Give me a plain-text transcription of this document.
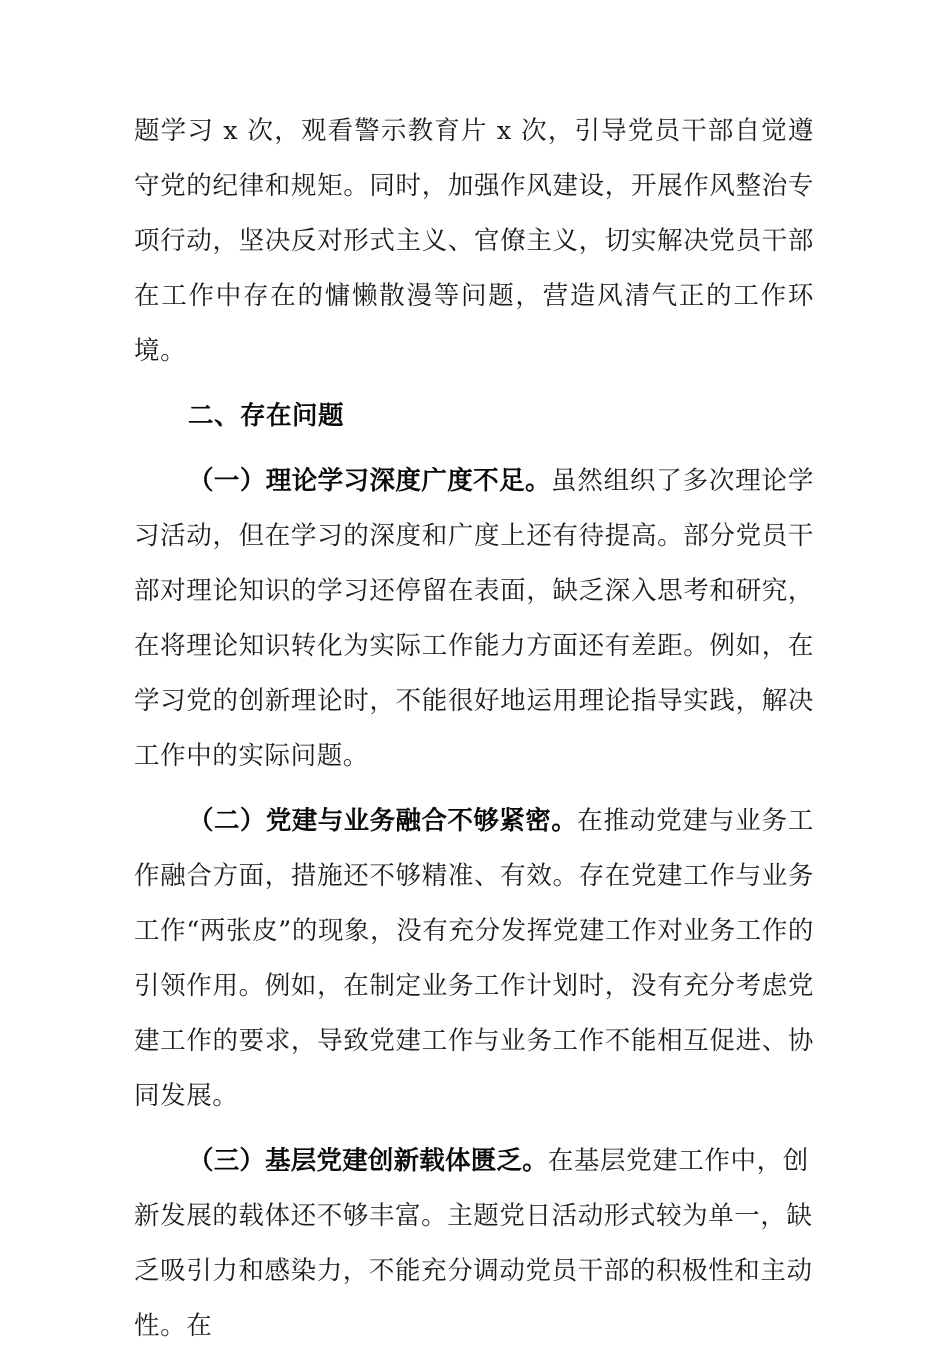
题学习 x 次，观看警示教育片 x 次，引导党员干部自觉遵守党的纪律和规矩。同时，加强作风建设，开展作风整治专项行动，坚决反对形式主义、官僚主义，切实解决党员干部在工作中存在的慵懒散漫等问题，营造风清气正的工作环境。

二、存在问题

（一）理论学习深度广度不足。虽然组织了多次理论学习活动，但在学习的深度和广度上还有待提高。部分党员干部对理论知识的学习还停留在表面，缺乏深入思考和研究，在将理论知识转化为实际工作能力方面还有差距。例如，在学习党的创新理论时，不能很好地运用理论指导实践，解决工作中的实际问题。

（二）党建与业务融合不够紧密。在推动党建与业务工作融合方面，措施还不够精准、有效。存在党建工作与业务工作“两张皮”的现象，没有充分发挥党建工作对业务工作的引领作用。例如，在制定业务工作计划时，没有充分考虑党建工作的要求，导致党建工作与业务工作不能相互促进、协同发展。

（三）基层党建创新载体匮乏。在基层党建工作中，创新发展的载体还不够丰富。主题党日活动形式较为单一，缺乏吸引力和感染力，不能充分调动党员干部的积极性和主动性。在
